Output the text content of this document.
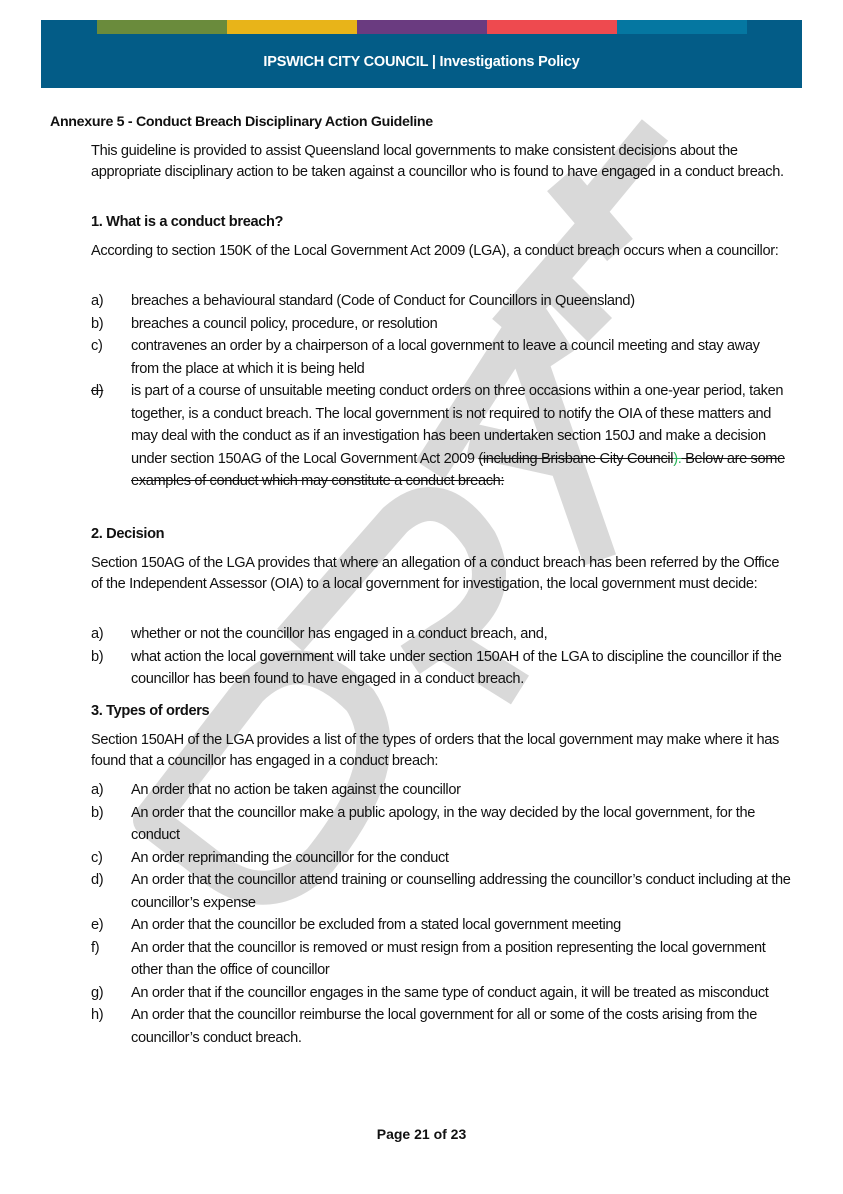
IPSWICH CITY COUNCIL | Investigations Policy
Annexure 5 - Conduct Breach Disciplinary Action Guideline
This guideline is provided to assist Queensland local governments to make consistent decisions about the appropriate disciplinary action to be taken against a councillor who is found to have engaged in a conduct breach.
1. What is a conduct breach?
According to section 150K of the Local Government Act 2009 (LGA), a conduct breach occurs when a councillor:
a) breaches a behavioural standard (Code of Conduct for Councillors in Queensland)
b) breaches a council policy, procedure, or resolution
c) contravenes an order by a chairperson of a local government to leave a council meeting and stay away from the place at which it is being held
d) is part of a course of unsuitable meeting conduct orders on three occasions within a one-year period, taken together, is a conduct breach. The local government is not required to notify the OIA of these matters and may deal with the conduct as if an investigation has been undertaken section 150J and make a decision under section 150AG of the Local Government Act 2009 (including Brisbane City Council). Below are some examples of conduct which may constitute a conduct breach:
2. Decision
Section 150AG of the LGA provides that where an allegation of a conduct breach has been referred by the Office of the Independent Assessor (OIA) to a local government for investigation, the local government must decide:
a) whether or not the councillor has engaged in a conduct breach, and,
b) what action the local government will take under section 150AH of the LGA to discipline the councillor if the councillor has been found to have engaged in a conduct breach.
3. Types of orders
Section 150AH of the LGA provides a list of the types of orders that the local government may make where it has found that a councillor has engaged in a conduct breach:
a) An order that no action be taken against the councillor
b) An order that the councillor make a public apology, in the way decided by the local government, for the conduct
c) An order reprimanding the councillor for the conduct
d) An order that the councillor attend training or counselling addressing the councillor’s conduct including at the councillor’s expense
e) An order that the councillor be excluded from a stated local government meeting
f) An order that the councillor is removed or must resign from a position representing the local government other than the office of councillor
g) An order that if the councillor engages in the same type of conduct again, it will be treated as misconduct
h) An order that the councillor reimburse the local government for all or some of the costs arising from the councillor’s conduct breach.
Page 21 of 23
